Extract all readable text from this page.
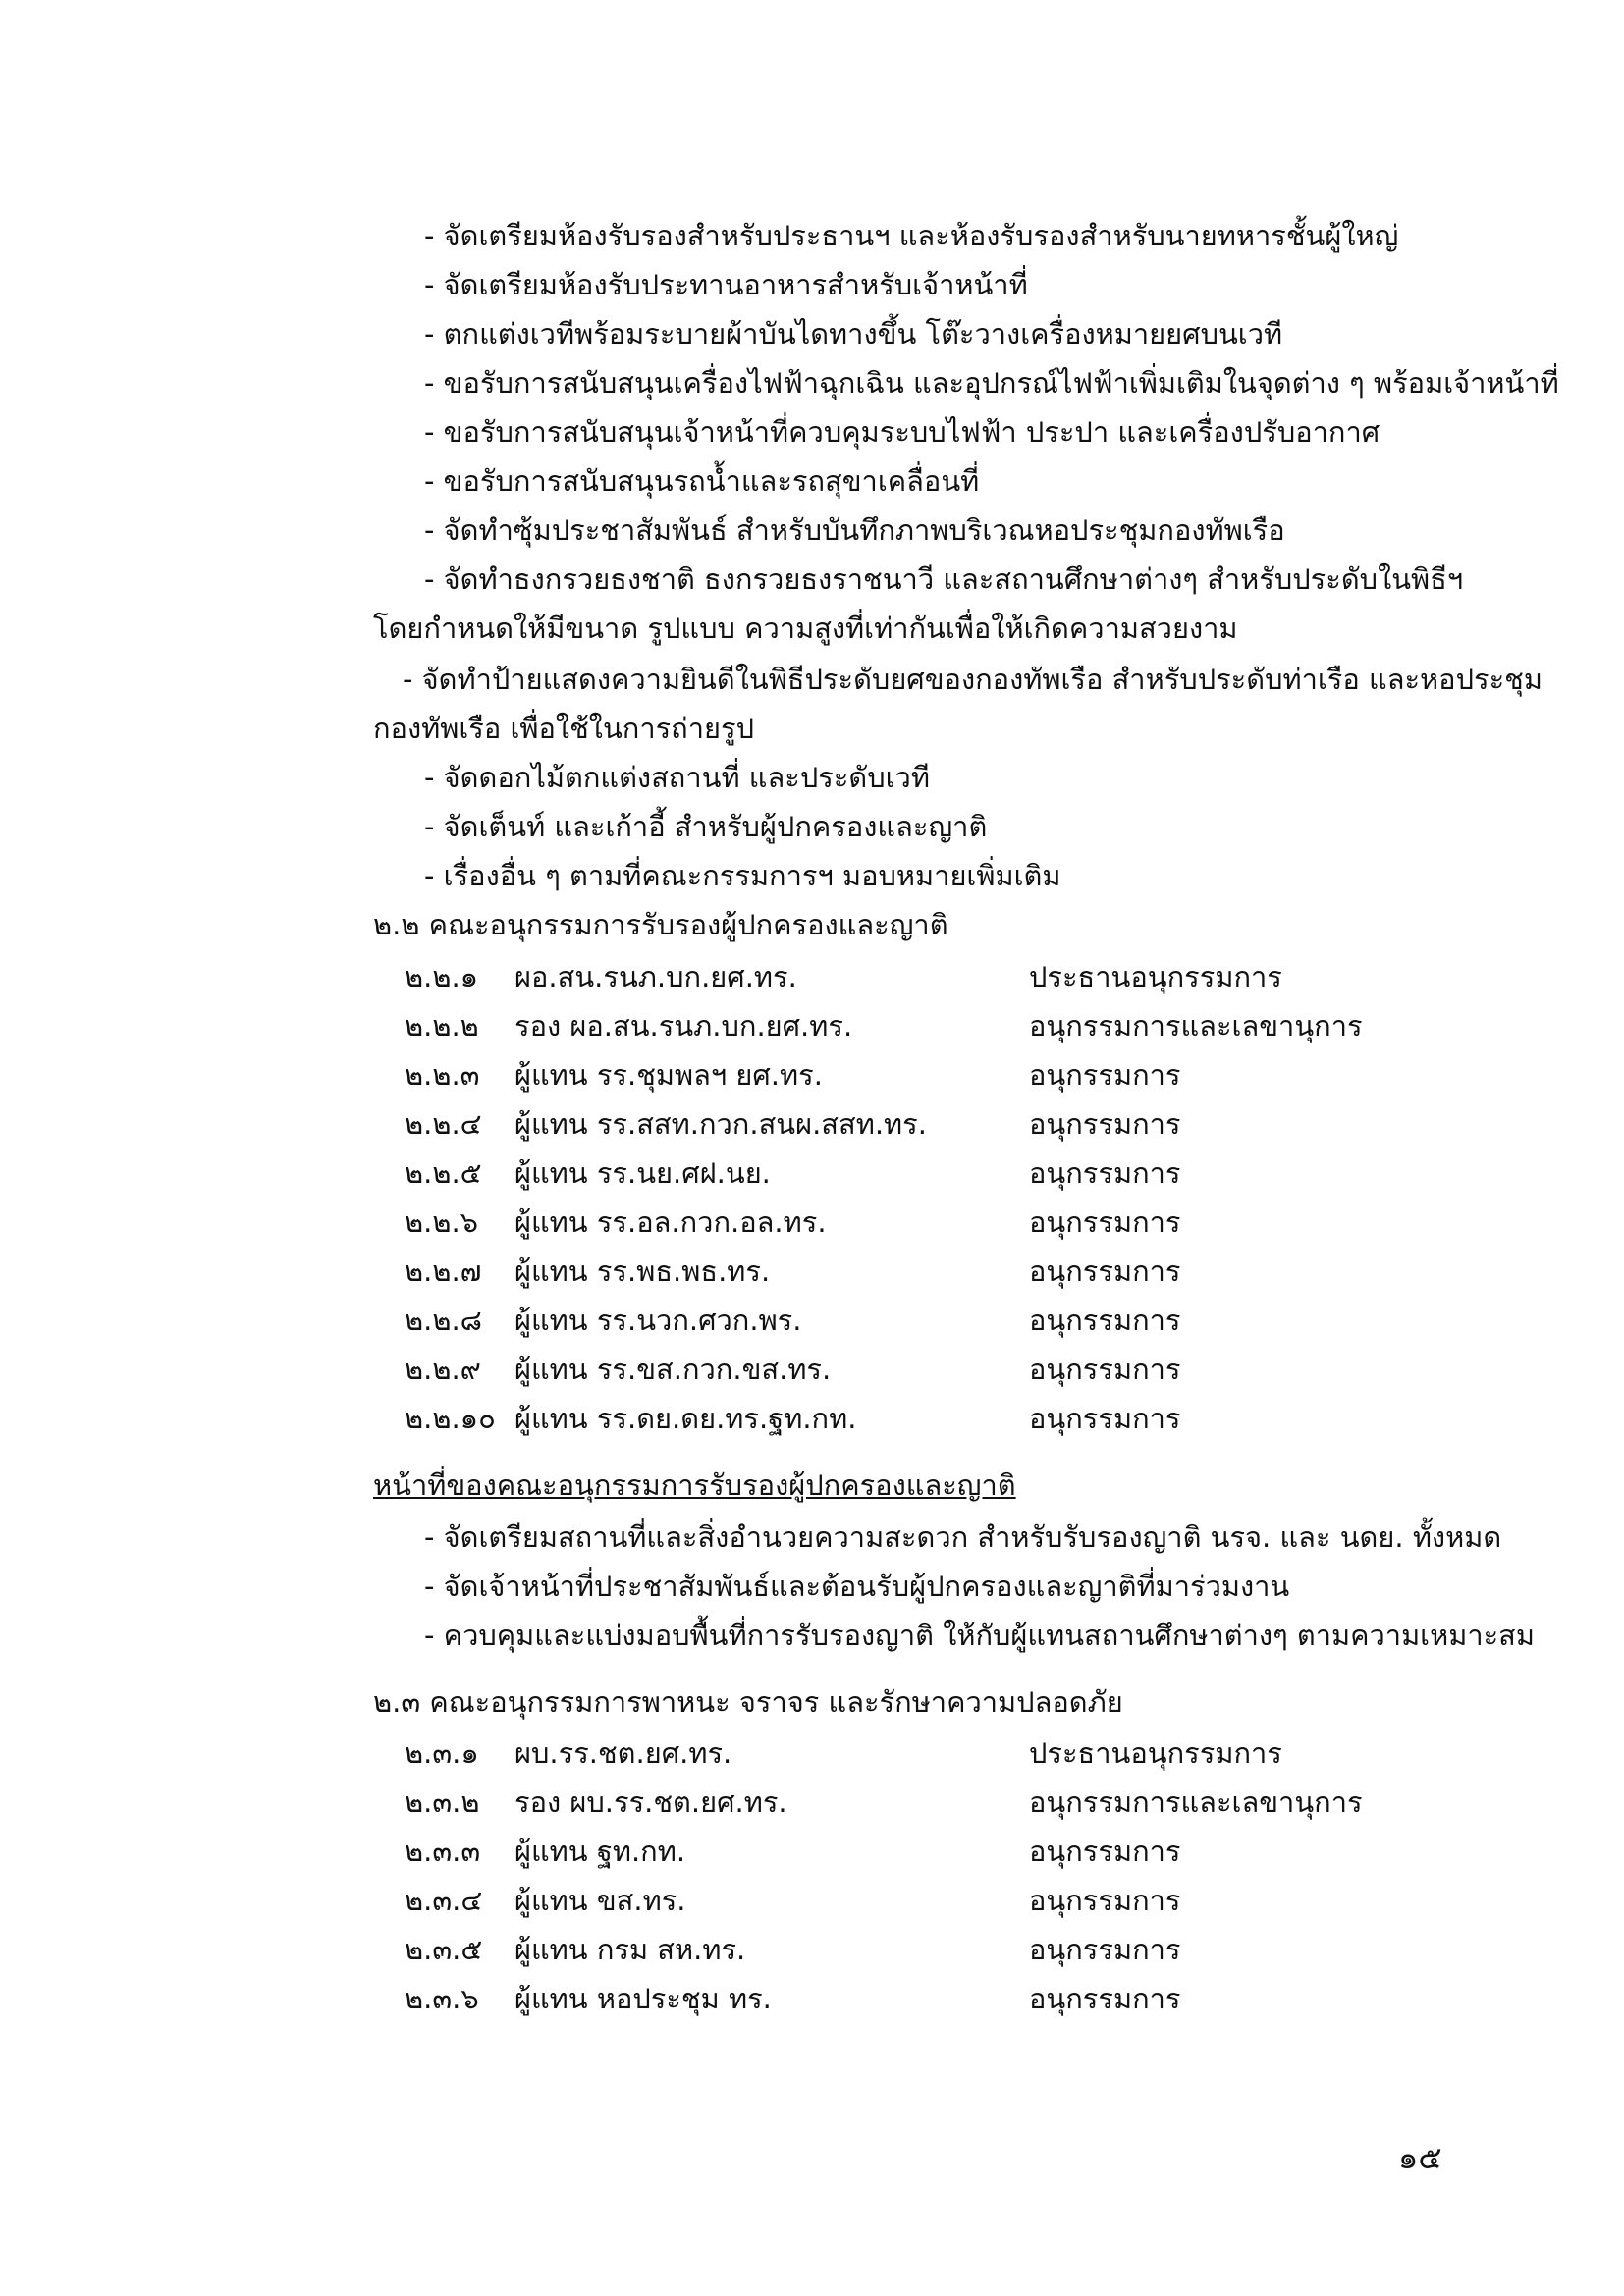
- จัดเตรียมห้องรับรองสำหรับประธานฯ และห้องรับรองสำหรับนายทหารชั้นผู้ใหญ่
- จัดเตรียมห้องรับประทานอาหารสำหรับเจ้าหน้าที่
- ตกแต่งเวทีพร้อมระบายผ้าบันไดทางขึ้น โต๊ะวางเครื่องหมายยศบนเวที
- ขอรับการสนับสนุนเครื่องไฟฟ้าฉุกเฉิน และอุปกรณ์ไฟฟ้าเพิ่มเติมในจุดต่าง ๆ พร้อมเจ้าหน้าที่
- ขอรับการสนับสนุนเจ้าหน้าที่ควบคุมระบบไฟฟ้า ประปา และเครื่องปรับอากาศ
- ขอรับการสนับสนุนรถน้ำและรถสุขาเคลื่อนที่
- จัดทำซุ้มประชาสัมพันธ์ สำหรับบันทึกภาพบริเวณหอประชุมกองทัพเรือ
- จัดทำธงกรวยธงชาติ ธงกรวยธงราชนาวี และสถานศึกษาต่างๆ สำหรับประดับในพิธีฯ
โดยกำหนดให้มีขนาด รูปแบบ ความสูงที่เท่ากันเพื่อให้เกิดความสวยงาม
- จัดทำป้ายแสดงความยินดีในพิธีประดับยศของกองทัพเรือ สำหรับประดับท่าเรือ และหอประชุม
กองทัพเรือ เพื่อใช้ในการถ่ายรูป
- จัดดอกไม้ตกแต่งสถานที่ และประดับเวที
- จัดเต็นท์ และเก้าอี้ สำหรับผู้ปกครองและญาติ
- เรื่องอื่น ๆ ตามที่คณะกรรมการฯ มอบหมายเพิ่มเติม
๒.๒ คณะอนุกรรมการรับรองผู้ปกครองและญาติ
๒.๒.๑ ผอ.สน.รนภ.บก.ยศ.ทร.	ประธานอนุกรรมการ
๒.๒.๒ รอง ผอ.สน.รนภ.บก.ยศ.ทร.	อนุกรรมการและเลขานุการ
๒.๒.๓ ผู้แทน รร.ชุมพลฯ ยศ.ทร.	อนุกรรมการ
๒.๒.๔ ผู้แทน รร.สสท.กวก.สนผ.สสท.ทร.	อนุกรรมการ
๒.๒.๕ ผู้แทน รร.นย.ศฝ.นย.	อนุกรรมการ
๒.๒.๖ ผู้แทน รร.อล.กวก.อล.ทร.	อนุกรรมการ
๒.๒.๗ ผู้แทน รร.พธ.พธ.ทร.	อนุกรรมการ
๒.๒.๘ ผู้แทน รร.นวก.ศวก.พร.	อนุกรรมการ
๒.๒.๙ ผู้แทน รร.ขส.กวก.ขส.ทร.	อนุกรรมการ
๒.๒.๑๐ ผู้แทน รร.ดย.ดย.ทร.ฐท.กท.	อนุกรรมการ
หน้าที่ของคณะอนุกรรมการรับรองผู้ปกครองและญาติ
- จัดเตรียมสถานที่และสิ่งอำนวยความสะดวก สำหรับรับรองญาติ นรจ. และ นดย. ทั้งหมด
- จัดเจ้าหน้าที่ประชาสัมพันธ์และต้อนรับผู้ปกครองและญาติที่มาร่วมงาน
- ควบคุมและแบ่งมอบพื้นที่การรับรองญาติ ให้กับผู้แทนสถานศึกษาต่างๆ ตามความเหมาะสม
๒.๓ คณะอนุกรรมการพาหนะ จราจร และรักษาความปลอดภัย
๒.๓.๑ ผบ.รร.ชต.ยศ.ทร.	ประธานอนุกรรมการ
๒.๓.๒ รอง ผบ.รร.ชต.ยศ.ทร.	อนุกรรมการและเลขานุการ
๒.๓.๓ ผู้แทน ฐท.กท.	อนุกรรมการ
๒.๓.๔ ผู้แทน ขส.ทร.	อนุกรรมการ
๒.๓.๕ ผู้แทน กรม สห.ทร.	อนุกรรมการ
๒.๓.๖ ผู้แทน หอประชุม ทร.	อนุกรรมการ
๑๕
